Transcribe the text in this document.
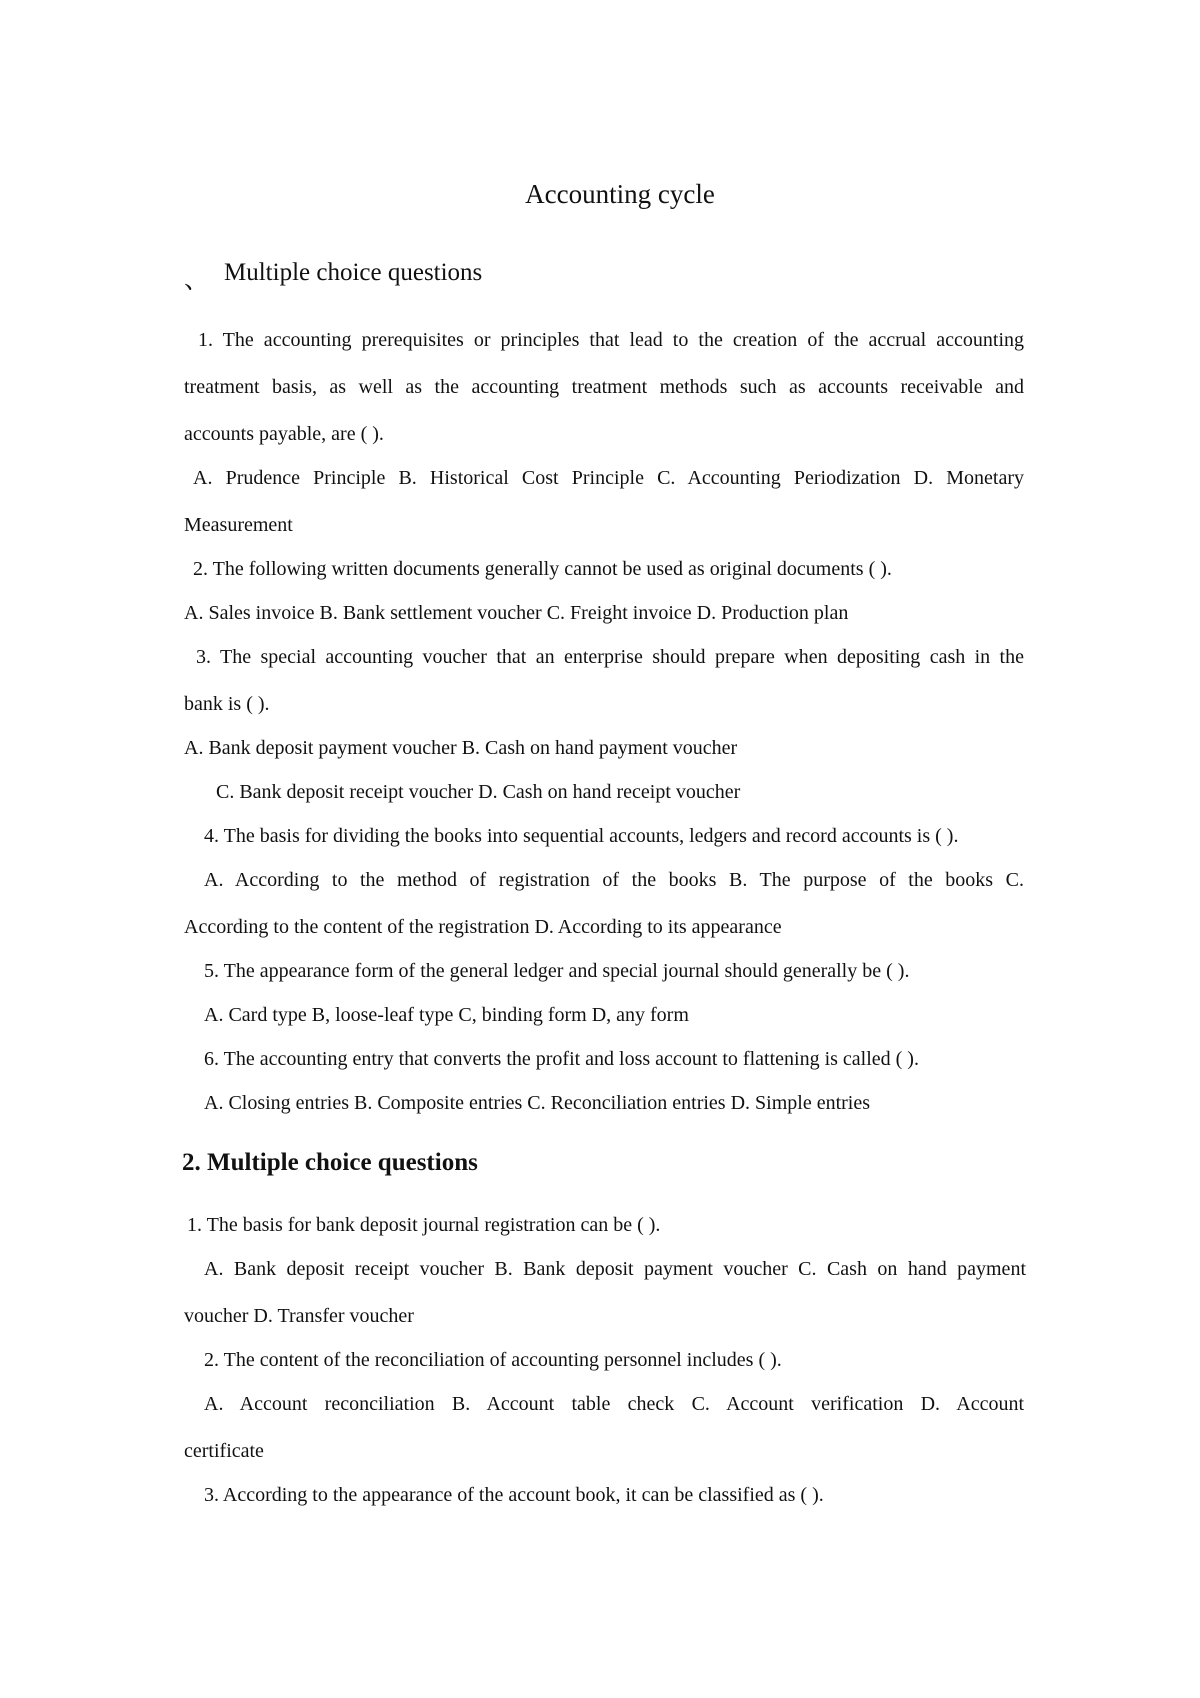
Accounting cycle
、 Multiple choice questions
1. The accounting prerequisites or principles that lead to the creation of the accrual accounting
treatment basis, as well as the accounting treatment methods such as accounts receivable and
accounts payable, are ( ).
A. Prudence Principle B. Historical Cost Principle C. Accounting Periodization D. Monetary
Measurement
2. The following written documents generally cannot be used as original documents ( ).
A. Sales invoice B. Bank settlement voucher C. Freight invoice D. Production plan
3. The special accounting voucher that an enterprise should prepare when depositing cash in the
bank is ( ).
A. Bank deposit payment voucher B. Cash on hand payment voucher
C. Bank deposit receipt voucher D. Cash on hand receipt voucher
4. The basis for dividing the books into sequential accounts, ledgers and record accounts is ( ).
A. According to the method of registration of the books B. The purpose of the books C.
According to the content of the registration D. According to its appearance
5. The appearance form of the general ledger and special journal should generally be ( ).
A. Card type B, loose-leaf type C, binding form D, any form
6. The accounting entry that converts the profit and loss account to flattening is called ( ).
A. Closing entries B. Composite entries C. Reconciliation entries D. Simple entries
2. Multiple choice questions
1. The basis for bank deposit journal registration can be ( ).
A. Bank deposit receipt voucher B. Bank deposit payment voucher C. Cash on hand payment
voucher D. Transfer voucher
2. The content of the reconciliation of accounting personnel includes ( ).
A. Account reconciliation B. Account table check C. Account verification D. Account
certificate
3. According to the appearance of the account book, it can be classified as ( ).
